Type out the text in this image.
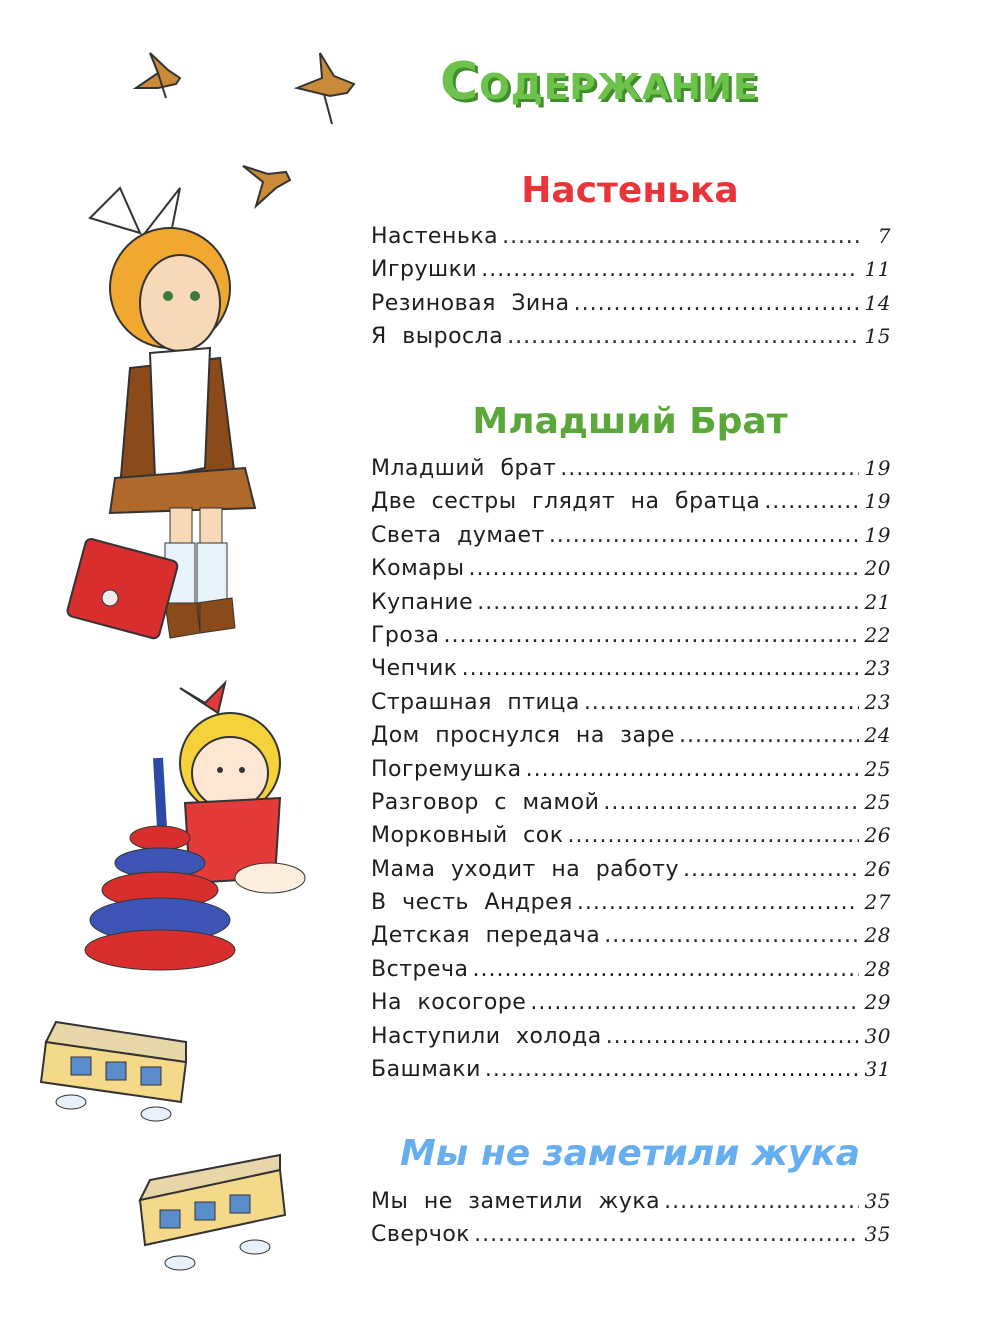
Содержание
Настенька
Настенька .....	7
Игрушки .....	11
Резиновая Зина .....	14
Я выросла .....	15
Младший Брат
Младший брат .....	19
Две сестры глядят на братца .....	19
Света думает .....	19
Комары .....	20
Купание .....	21
Гроза .....	22
Чепчик .....	23
Страшная птица .....	23
Дом проснулся на заре .....	24
Погремушка .....	25
Разговор с мамой .....	25
Морковный сок .....	26
Мама уходит на работу .....	26
В честь Андрея .....	27
Детская передача .....	28
Встреча .....	28
На косогоре .....	29
Наступили холода .....	30
Башмаки .....	31
Мы не заметили жука
Мы не заметили жука .....	35
Сверчок .....	35
